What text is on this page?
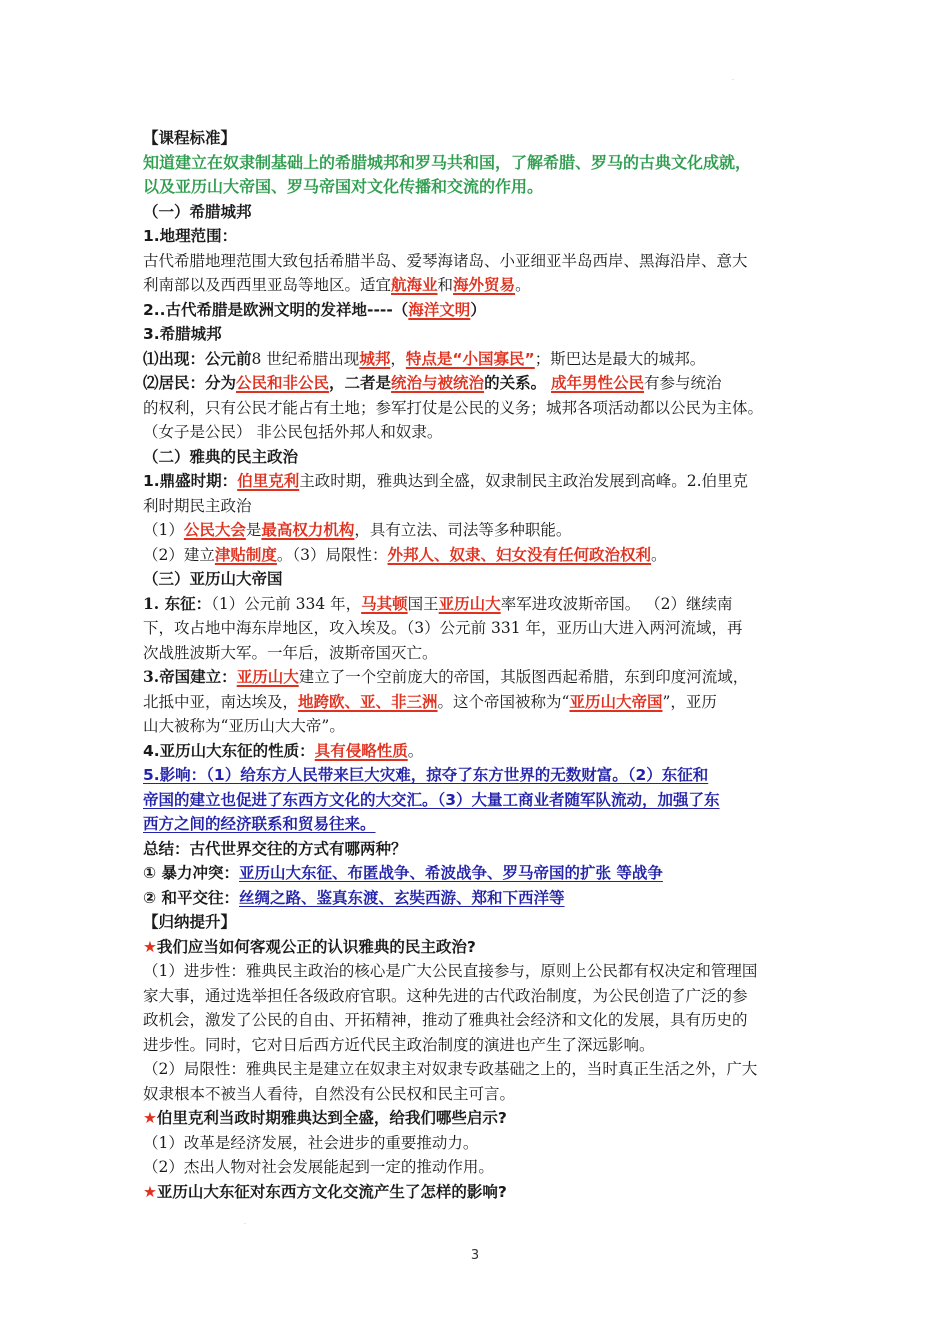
·
【课程标准】
知道建立在奴隶制基础上的希腊城邦和罗马共和国，了解希腊、罗马的古典文化成就，
以及亚历山大帝国、罗马帝国对文化传播和交流的作用。
（一）希腊城邦
1.地理范围：
古代希腊地理范围大致包括希腊半岛、爱琴海诸岛、小亚细亚半岛西岸、黑海沿岸、意大
利南部以及西西里亚岛等地区。适宜航海业和海外贸易。
2..古代希腊是欧洲文明的发祥地----（海洋文明）
3.希腊城邦
⑴出现：公元前8 世纪希腊出现城邦，特点是“小国寡民”；斯巴达是最大的城邦。
⑵居民：分为公民和非公民，二者是统治与被统治的关系。 成年男性公民有参与统治
的权利，只有公民才能占有土地；参军打仗是公民的义务；城邦各项活动都以公民为主体。
（女子是公民） 非公民包括外邦人和奴隶。
（二）雅典的民主政治
1.鼎盛时期：伯里克利主政时期，雅典达到全盛，奴隶制民主政治发展到高峰。2.伯里克
利时期民主政治
（1）公民大会是最高权力机构，具有立法、司法等多种职能。
（2）建立津贴制度。（3）局限性：外邦人、奴隶、妇女没有任何政治权利。
（三）亚历山大帝国
1. 东征：（1）公元前 334 年，马其顿国王亚历山大率军进攻波斯帝国。 （2）继续南
下，攻占地中海东岸地区，攻入埃及。（3）公元前 331 年，亚历山大进入两河流域，再
次战胜波斯大军。一年后，波斯帝国灭亡。
3.帝国建立：亚历山大建立了一个空前庞大的帝国，其版图西起希腊，东到印度河流域，
北抵中亚，南达埃及，地跨欧、亚、非三洲。这个帝国被称为“亚历山大帝国”，亚历
山大被称为“亚历山大大帝”。
4.亚历山大东征的性质：具有侵略性质。
5.影响：（1）给东方人民带来巨大灾难，掠夺了东方世界的无数财富。（2）东征和
帝国的建立也促进了东西方文化的大交汇。（3）大量工商业者随军队流动，加强了东
西方之间的经济联系和贸易往来。
总结：古代世界交往的方式有哪两种？
① 暴力冲突：亚历山大东征、布匿战争、希波战争、罗马帝国的扩张 等战争
② 和平交往：丝绸之路、鉴真东渡、玄奘西游、郑和下西洋等
【归纳提升】
★我们应当如何客观公正的认识雅典的民主政治?
（1）进步性：雅典民主政治的核心是广大公民直接参与，原则上公民都有权决定和管理国
家大事，通过选举担任各级政府官职。这种先进的古代政治制度，为公民创造了广泛的参
政机会，激发了公民的自由、开拓精神，推动了雅典社会经济和文化的发展，具有历史的
进步性。同时，它对日后西方近代民主政治制度的演进也产生了深远影响。
（2）局限性：雅典民主是建立在奴隶主对奴隶专政基础之上的，当时真正生活之外，广大
奴隶根本不被当人看待，自然没有公民权和民主可言。
★伯里克利当政时期雅典达到全盛，给我们哪些启示?
（1）改革是经济发展，社会进步的重要推动力。
（2）杰出人物对社会发展能起到一定的推动作用。
★亚历山大东征对东西方文化交流产生了怎样的影响?
·
3
